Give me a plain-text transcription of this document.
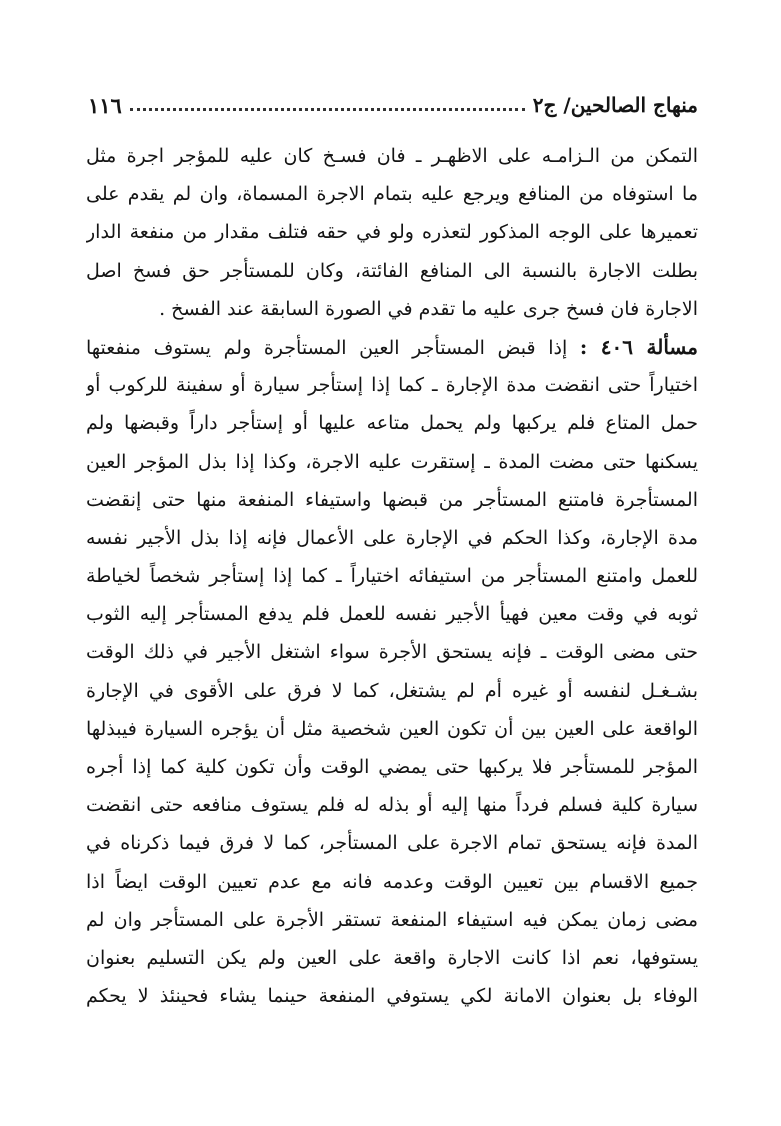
منهاج الصالحين/ ج٢
١١٦
التمكن من الـزامـه على الاظهـر ـ فان فسـخ كان عليه للمؤجر اجرة مثل
ما استوفاه من المنافع ويرجع عليه بتمام الاجرة المسماة، وان لم يقدم على
تعميرها على الوجه المذكور لتعذره ولو في حقه فتلف مقدار من منفعة الدار
بطلت الاجارة بالنسبة الى المنافع الفائتة، وكان للمستأجر حق فسخ اصل
الاجارة فان فسخ جرى عليه ما تقدم في الصورة السابقة عند الفسخ .
مسألة ٤٠٦ : إذا قبض المستأجر العين المستأجرة ولم يستوف منفعتها
اختياراً حتى انقضت مدة الإجارة ـ كما إذا إستأجر سيارة أو سفينة للركوب أو
حمل المتاع فلم يركبها ولم يحمل متاعه عليها أو إستأجر داراً وقبضها ولم
يسكنها حتى مضت المدة ـ إستقرت عليه الاجرة، وكذا إذا بذل المؤجر العين
المستأجرة فامتنع المستأجر من قبضها واستيفاء المنفعة منها حتى إنقضت
مدة الإجارة، وكذا الحكم في الإجارة على الأعمال فإنه إذا بذل الأجير نفسه
للعمل وامتنع المستأجر من استيفائه اختياراً ـ كما إذا إستأجر شخصاً لخياطة
ثوبه في وقت معين فهيأ الأجير نفسه للعمل فلم يدفع المستأجر إليه الثوب
حتى مضى الوقت ـ فإنه يستحق الأجرة سواء اشتغل الأجير في ذلك الوقت
بشـغـل لنفسه أو غيره أم لم يشتغل، كما لا فرق على الأقوى في الإجارة
الواقعة على العين بين أن تكون العين شخصية مثل أن يؤجره السيارة فيبذلها
المؤجر للمستأجر فلا يركبها حتى يمضي الوقت وأن تكون كلية كما إذا أجره
سيارة كلية فسلم فرداً منها إليه أو بذله له فلم يستوف منافعه حتى انقضت
المدة فإنه يستحق تمام الاجرة على المستأجر، كما لا فرق فيما ذكرناه في
جميع الاقسام بين تعيين الوقت وعدمه فانه مع عدم تعيين الوقت ايضاً اذا
مضى زمان يمكن فيه استيفاء المنفعة تستقر الأجرة على المستأجر وان لم
يستوفها، نعم اذا كانت الاجارة واقعة على العين ولم يكن التسليم بعنوان
الوفاء بل بعنوان الامانة لكي يستوفي المنفعة حينما يشاء فحينئذ لا يحكم
